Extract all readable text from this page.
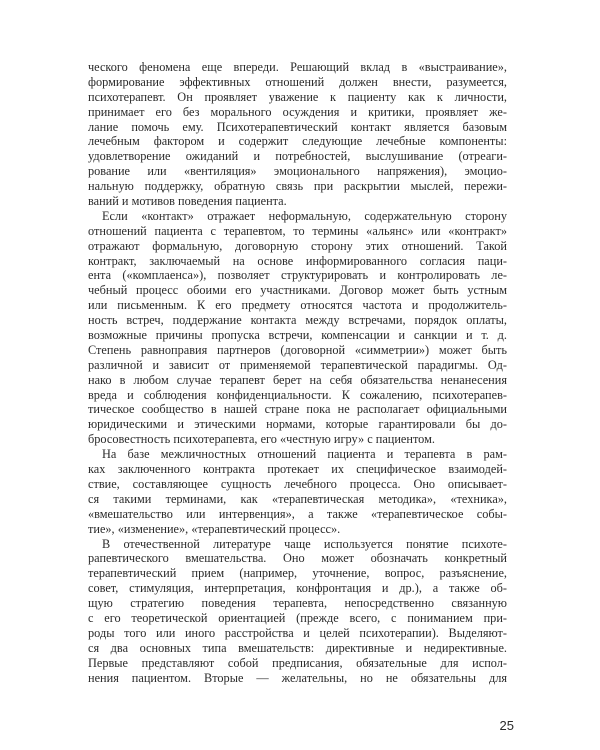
ческого феномена еще впереди. Решающий вклад в «выстраивание»,
формирование эффективных отношений должен внести, разумеется,
психотерапевт. Он проявляет уважение к пациенту как к личности,
принимает его без морального осуждения и критики, проявляет же-
лание помочь ему. Психотерапевтический контакт является базовым
лечебным фактором и содержит следующие лечебные компоненты:
удовлетворение ожиданий и потребностей, выслушивание (отреаги-
рование или «вентиляция» эмоционального напряжения), эмоцио-
нальную поддержку, обратную связь при раскрытии мыслей, пережи-
ваний и мотивов поведения пациента.
Если «контакт» отражает неформальную, содержательную сторону
отношений пациента с терапевтом, то термины «альянс» или «контракт»
отражают формальную, договорную сторону этих отношений. Такой
контракт, заключаемый на основе информированного согласия паци-
ента («комплаенса»), позволяет структурировать и контролировать ле-
чебный процесс обоими его участниками. Договор может быть устным
или письменным. К его предмету относятся частота и продолжитель-
ность встреч, поддержание контакта между встречами, порядок оплаты,
возможные причины пропуска встречи, компенсации и санкции и т. д.
Степень равноправия партнеров (договорной «симметрии») может быть
различной и зависит от применяемой терапевтической парадигмы. Од-
нако в любом случае терапевт берет на себя обязательства ненанесения
вреда и соблюдения конфиденциальности. К сожалению, психотерапев-
тическое сообщество в нашей стране пока не располагает официальными
юридическими и этическими нормами, которые гарантировали бы до-
бросовестность психотерапевта, его «честную игру» с пациентом.
На базе межличностных отношений пациента и терапевта в рам-
ках заключенного контракта протекает их специфическое взаимодей-
ствие, составляющее сущность лечебного процесса. Оно описывает-
ся такими терминами, как «терапевтическая методика», «техника»,
«вмешательство или интервенция», а также «терапевтическое собы-
тие», «изменение», «терапевтический процесс».
В отечественной литературе чаще используется понятие психоте-
рапевтического вмешательства. Оно может обозначать конкретный
терапевтический прием (например, уточнение, вопрос, разъяснение,
совет, стимуляция, интерпретация, конфронтация и др.), а также об-
щую стратегию поведения терапевта, непосредственно связанную
с его теоретической ориентацией (прежде всего, с пониманием при-
роды того или иного расстройства и целей психотерапии). Выделяют-
ся два основных типа вмешательств: директивные и недирективные.
Первые представляют собой предписания, обязательные для испол-
нения пациентом. Вторые — желательны, но не обязательны для
25
